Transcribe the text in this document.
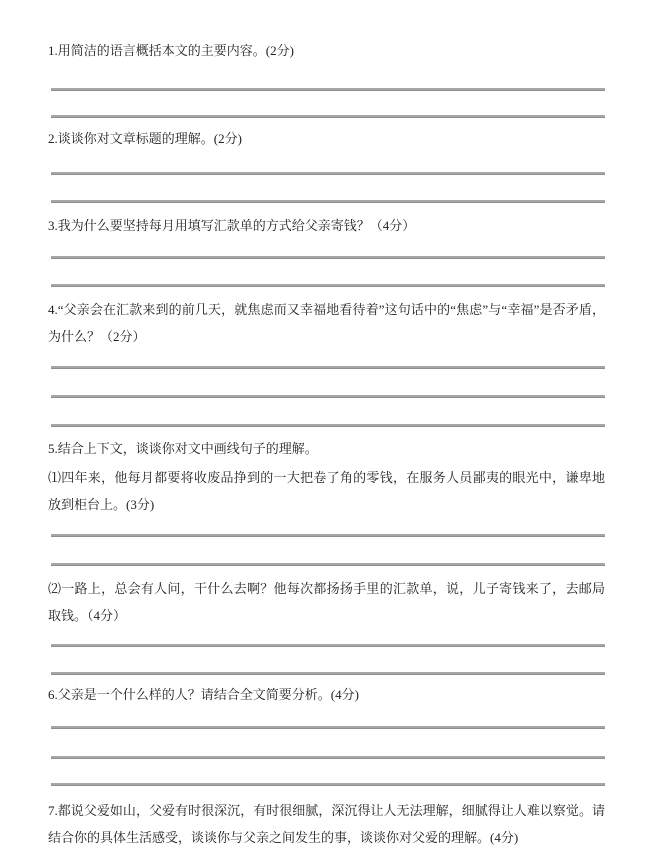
1.用简洁的语言概括本文的主要内容。(2分)

2.谈谈你对文章标题的理解。(2分)

3.我为什么要坚持每月用填写汇款单的方式给父亲寄钱？（4分）

4.“父亲会在汇款来到的前几天，就焦虑而又幸福地看待着”这句话中的“焦虑”与“幸福”是否矛盾，为什么？（2分）

5.结合上下文，谈谈你对文中画线句子的理解。

⑴四年来，他每月都要将收废品挣到的一大把卷了角的零钱，在服务人员鄙夷的眼光中，谦卑地放到柜台上。(3分)

⑵一路上，总会有人问，干什么去啊？他每次都扬扬手里的汇款单，说，儿子寄钱来了，去邮局取钱。（4分）

6.父亲是一个什么样的人？请结合全文简要分析。(4分)

7.都说父爱如山，父爱有时很深沉，有时很细腻，深沉得让人无法理解，细腻得让人难以察觉。请结合你的具体生活感受，谈谈你与父亲之间发生的事，谈谈你对父爱的理解。(4分)
